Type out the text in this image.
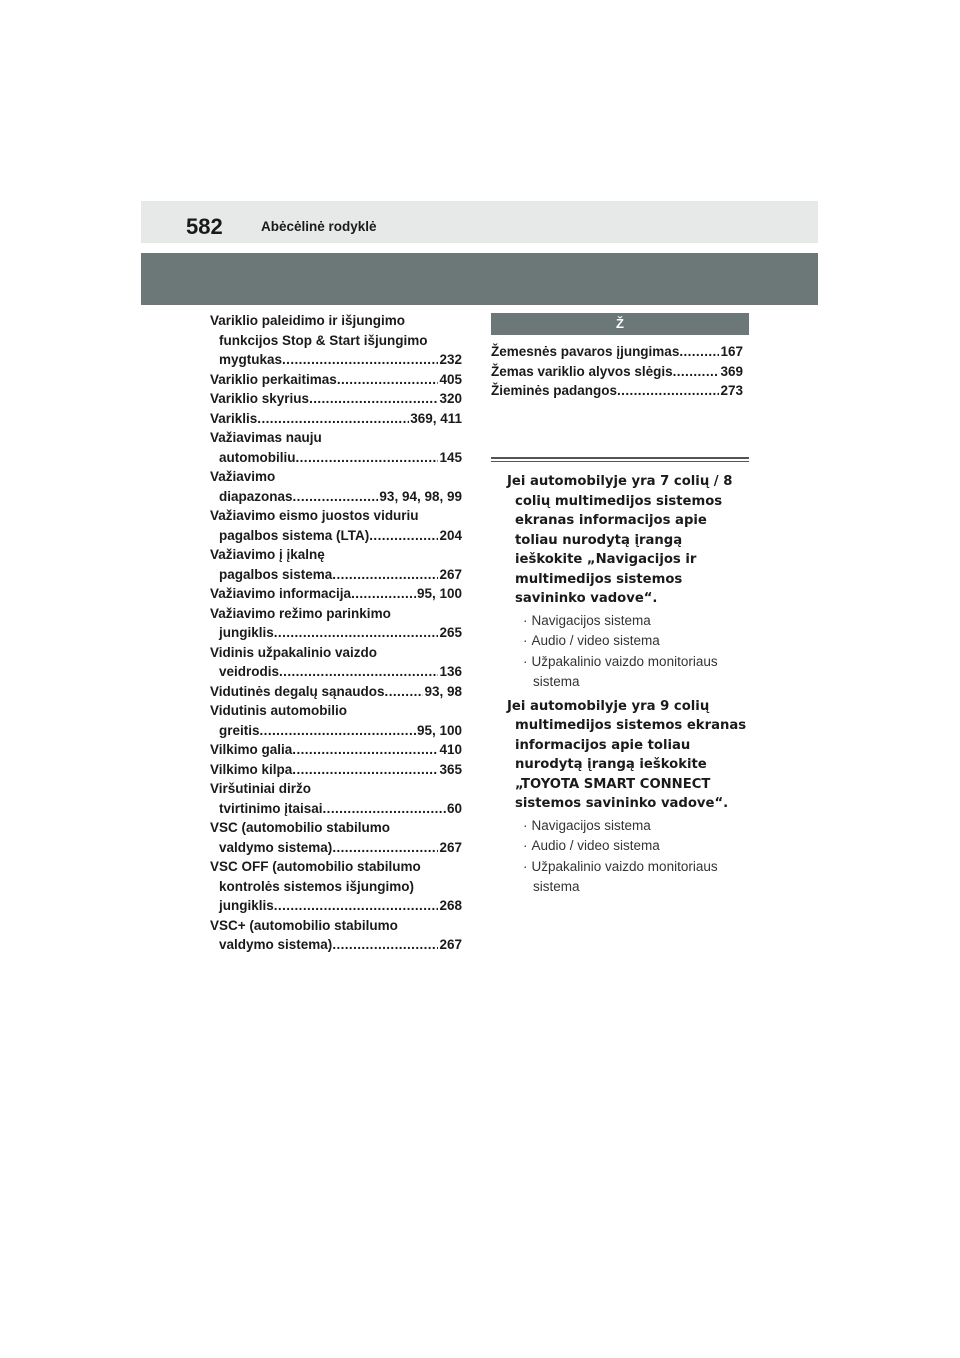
582	Abėcėlinė rodyklė
Variklio paleidimo ir išjungimo
funkcijos Stop & Start išjungimo
mygtukas .....	232
Variklio perkaitimas .....	405
Variklio skyrius .....	320
Variklis .....	369, 411
Važiavimas nauju
automobiliu .....	145
Važiavimo
diapazonas .....	93, 94, 98, 99
Važiavimo eismo juostos viduriu
pagalbos sistema (LTA) .....	204
Važiavimo į įkalnę
pagalbos sistema .....	267
Važiavimo informacija .....	95, 100
Važiavimo režimo parinkimo
jungiklis .....	265
Vidinis užpakalinio vaizdo
veidrodis .....	136
Vidutinės degalų sąnaudos .....	93, 98
Vidutinis automobilio
greitis .....	95, 100
Vilkimo galia .....	410
Vilkimo kilpa .....	365
Viršutiniai diržo
tvirtinimo įtaisai .....	60
VSC (automobilio stabilumo
valdymo sistema) .....	267
VSC OFF (automobilio stabilumo
kontrolės sistemos išjungimo)
jungiklis .....	268
VSC+ (automobilio stabilumo
valdymo sistema) .....	267
Ž
Žemesnės pavaros įjungimas .....	167
Žemas variklio alyvos slėgis .....	369
Žieminės padangos .....	273
Jei automobilyje yra 7 colių / 8 colių multimedijos sistemos ekranas informacijos apie toliau nurodytą įrangą ieškokite „Navigacijos ir multimedijos sistemos savininko vadove“.
· Navigacijos sistema
· Audio / video sistema
· Užpakalinio vaizdo monitoriaus sistema
Jei automobilyje yra 9 colių multimedijos sistemos ekranas informacijos apie toliau nurodytą įrangą ieškokite „TOYOTA SMART CONNECT sistemos savininko vadove“.
· Navigacijos sistema
· Audio / video sistema
· Užpakalinio vaizdo monitoriaus sistema
